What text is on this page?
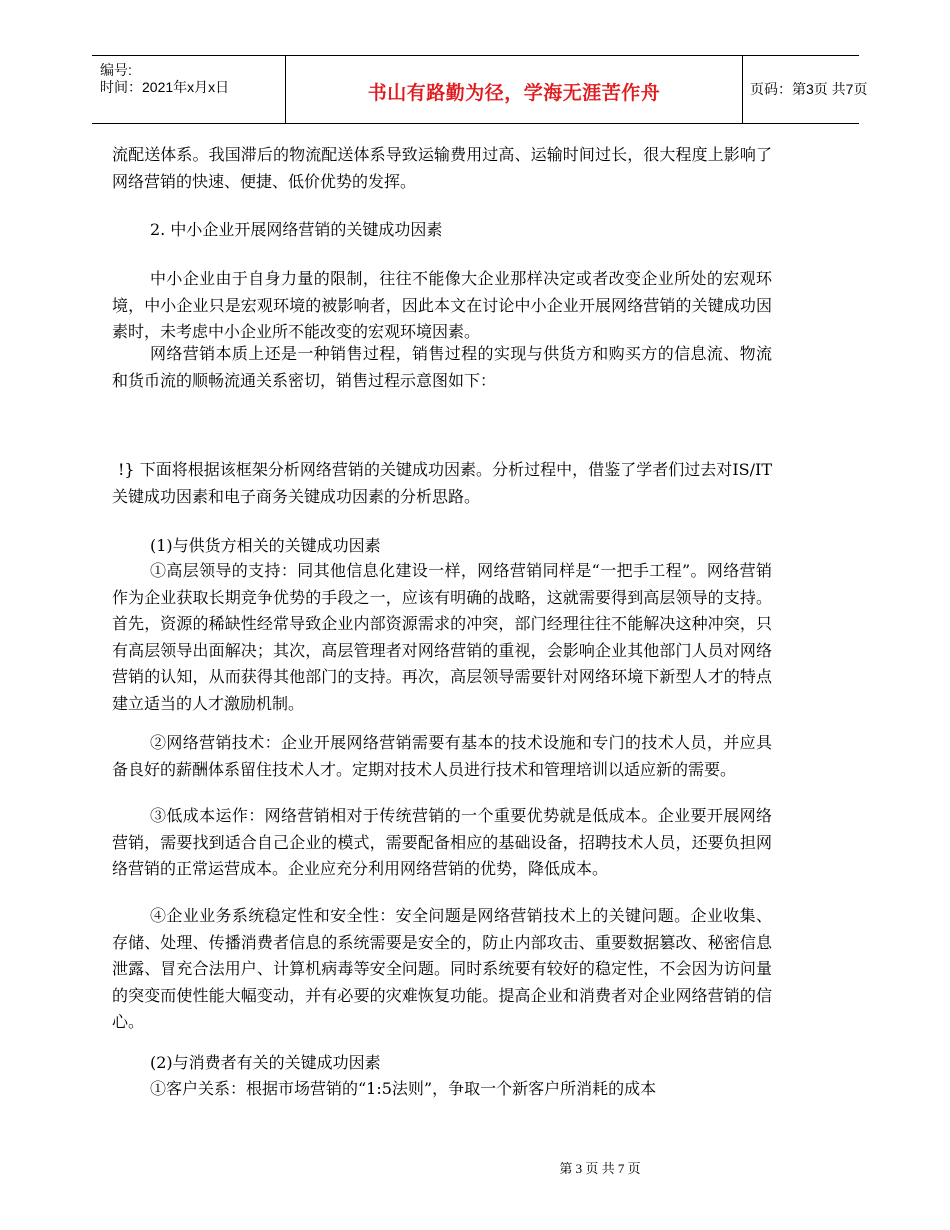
编号:
时间：2021年x月x日	书山有路勤为径，学海无涯苦作舟	页码：第3页 共7页
流配送体系。我国滞后的物流配送体系导致运输费用过高、运输时间过长，很大程度上影响了网络营销的快速、便捷、低价优势的发挥。
2. 中小企业开展网络营销的关键成功因素
中小企业由于自身力量的限制，往往不能像大企业那样决定或者改变企业所处的宏观环境，中小企业只是宏观环境的被影响者，因此本文在讨论中小企业开展网络营销的关键成功因素时，未考虑中小企业所不能改变的宏观环境因素。
网络营销本质上还是一种销售过程，销售过程的实现与供货方和购买方的信息流、物流和货币流的顺畅流通关系密切，销售过程示意图如下：
!} 下面将根据该框架分析网络营销的关键成功因素。分析过程中，借鉴了学者们过去对IS/IT关键成功因素和电子商务关键成功因素的分析思路。
(1)与供货方相关的关键成功因素
①高层领导的支持：同其他信息化建设一样，网络营销同样是“一把手工程”。网络营销作为企业获取长期竞争优势的手段之一，应该有明确的战略，这就需要得到高层领导的支持。首先，资源的稀缺性经常导致企业内部资源需求的冲突，部门经理往往不能解决这种冲突，只有高层领导出面解决；其次，高层管理者对网络营销的重视，会影响企业其他部门人员对网络营销的认知，从而获得其他部门的支持。再次，高层领导需要针对网络环境下新型人才的特点建立适当的人才激励机制。
②网络营销技术：企业开展网络营销需要有基本的技术设施和专门的技术人员，并应具备良好的薪酬体系留住技术人才。定期对技术人员进行技术和管理培训以适应新的需要。
③低成本运作：网络营销相对于传统营销的一个重要优势就是低成本。企业要开展网络营销，需要找到适合自己企业的模式，需要配备相应的基础设备，招聘技术人员，还要负担网络营销的正常运营成本。企业应充分利用网络营销的优势，降低成本。
④企业业务系统稳定性和安全性：安全问题是网络营销技术上的关键问题。企业收集、存储、处理、传播消费者信息的系统需要是安全的，防止内部攻击、重要数据篡改、秘密信息泄露、冒充合法用户、计算机病毒等安全问题。同时系统要有较好的稳定性，不会因为访问量的突变而使性能大幅变动，并有必要的灾难恢复功能。提高企业和消费者对企业网络营销的信心。
(2)与消费者有关的关键成功因素
①客户关系：根据市场营销的“1:5法则”，争取一个新客户所消耗的成本
第 3 页 共 7 页
